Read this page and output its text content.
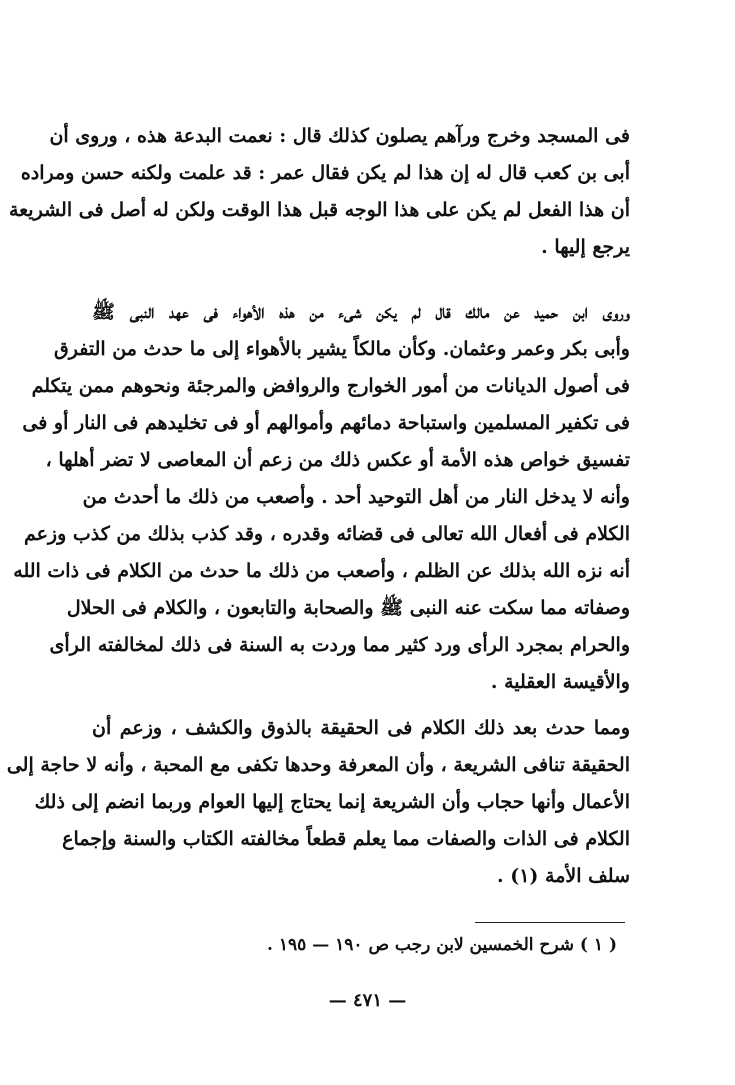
فى المسجد وخرج ورآهم يصلون كذلك قال : نعمت البدعة هذه ، وروى أن
أبى بن كعب قال له إن هذا لم يكن فقال عمر : قد علمت ولكنه حسن ومراده
أن هذا الفعل لم يكن على هذا الوجه قبل هذا الوقت ولكن له أصل فى الشريعة
يرجع إليها .
وروى ابن حميد عن مالك قال لم يكن شىء من هذه الأهواء فى عهد النبى ﷺ
وأبى بكر وعمر وعثمان. وكأن مالكاً يشير بالأهواء إلى ما حدث من التفرق
فى أصول الديانات من أمور الخوارج والروافض والمرجئة ونحوهم ممن يتكلم
فى تكفير المسلمين واستباحة دمائهم وأموالهم أو فى تخليدهم فى النار أو فى
تفسيق خواص هذه الأمة أو عكس ذلك من زعم أن المعاصى لا تضر أهلها ،
وأنه لا يدخل النار من أهل التوحيد أحد . وأصعب من ذلك ما أحدث من
الكلام فى أفعال الله تعالى فى قضائه وقدره ، وقد كذب بذلك من كذب وزعم
أنه نزه الله بذلك عن الظلم ، وأصعب من ذلك ما حدث من الكلام فى ذات الله
وصفاته مما سكت عنه النبى ﷺ والصحابة والتابعون ، والكلام فى الحلال
والحرام بمجرد الرأى ورد كثير مما وردت به السنة فى ذلك لمخالفته الرأى
والأقيسة العقلية .
ومما حدث بعد ذلك الكلام فى الحقيقة بالذوق والكشف ، وزعم أن
الحقيقة تنافى الشريعة ، وأن المعرفة وحدها تكفى مع المحبة ، وأنه لا حاجة إلى
الأعمال وأنها حجاب وأن الشريعة إنما يحتاج إليها العوام وربما انضم إلى ذلك
الكلام فى الذات والصفات مما يعلم قطعاً مخالفته الكتاب والسنة وإجماع
سلف الأمة (١) .
( ١ ) شرح الخمسين لابن رجب ص ١٩٠ — ١٩٥ .
— ٤٧١ —
